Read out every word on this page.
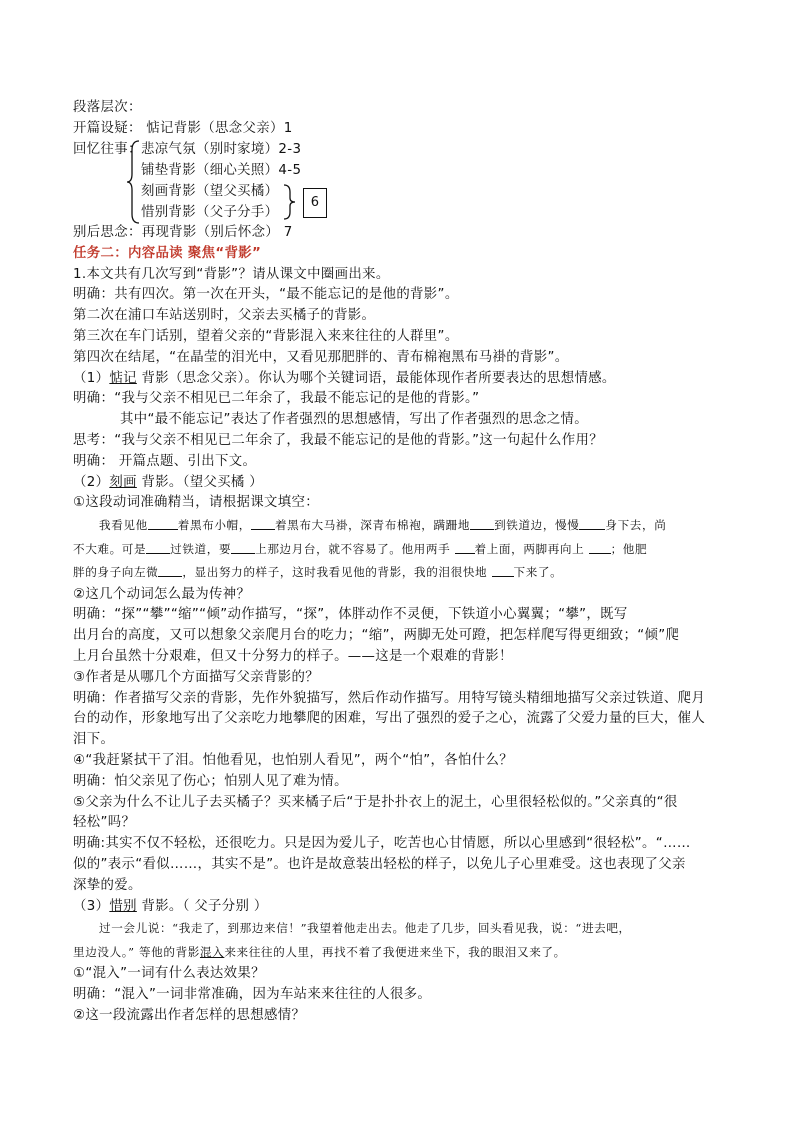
段落层次：
开篇设疑： 惦记背影（思念父亲）1
回忆往事： 悲凉气氛（别时家境）2-3
铺垫背影（细心关照）4-5
刻画背影（望父买橘）
惜别背影（父子分手）
6
别后思念：再现背影（别后怀念） 7
任务二：内容品读 聚焦“背影”
1.本文共有几次写到“背影”？请从课文中圈画出来。
明确：共有四次。第一次在开头，“最不能忘记的是他的背影”。
第二次在浦口车站送别时，父亲去买橘子的背影。
第三次在车门话别，望着父亲的“背影混入来来往往的人群里”。
第四次在结尾，“在晶莹的泪光中，又看见那肥胖的、青布棉袍黑布马褂的背影”。
（1）惦记 背影（思念父亲）。你认为哪个关键词语，最能体现作者所要表达的思想情感。
明确：“我与父亲不相见已二年余了，我最不能忘记的是他的背影。”
其中“最不能忘记”表达了作者强烈的思想感情，写出了作者强烈的思念之情。
思考：“我与父亲不相见已二年余了，我最不能忘记的是他的背影。”这一句起什么作用？
明确： 开篇点题、引出下文。
（2）刻画 背影。（望父买橘 ）
①这段动词准确精当，请根据课文填空：
我看见他	着黑布小帽， 着黑布大马褂，深青布棉袍，蹒跚地 到铁道边，慢慢 身下去，尚
不大难。可是 过铁道，要 上那边月台，就不容易了。他用两手 着上面，两脚再向上 ；他肥
胖的身子向左微 ，显出努力的样子，这时我看见他的背影，我的泪很快地 下来了。
②这几个动词怎么最为传神？
明确：“探”“攀”“缩”“倾”动作描写，“探”，体胖动作不灵便，下铁道小心翼翼；“攀”，既写
出月台的高度，又可以想象父亲爬月台的吃力；“缩”，两脚无处可蹬，把怎样爬写得更细致；“倾”爬
上月台虽然十分艰难，但又十分努力的样子。——这是一个艰难的背影！
③作者是从哪几个方面描写父亲背影的？
明确：作者描写父亲的背影，先作外貌描写，然后作动作描写。用特写镜头精细地描写父亲过铁道、爬月
台的动作，形象地写出了父亲吃力地攀爬的困难，写出了强烈的爱子之心，流露了父爱力量的巨大，催人
泪下。
④“我赶紧拭干了泪。怕他看见，也怕别人看见”，两个“怕”，各怕什么？
明确：怕父亲见了伤心；怕别人见了难为情。
⑤父亲为什么不让儿子去买橘子？买来橘子后“于是扑扑衣上的泥土，心里很轻松似的。”父亲真的“很
轻松”吗？
明确:其实不仅不轻松，还很吃力。只是因为爱儿子，吃苦也心甘情愿，所以心里感到“很轻松”。“……
似的”表示“看似……，其实不是”。也许是故意装出轻松的样子，以免儿子心里难受。这也表现了父亲
深挚的爱。
（3）惜别 背影。（ 父子分别 ）
过一会儿说：“我走了，到那边来信！”我望着他走出去。他走了几步，回头看见我，说：“进去吧，
里边没人。” 等他的背影混入来来往往的人里，再找不着了我便进来坐下，我的眼泪又来了。
①“混入”一词有什么表达效果？
明确：“混入”一词非常准确，因为车站来来往往的人很多。
②这一段流露出作者怎样的思想感情？
